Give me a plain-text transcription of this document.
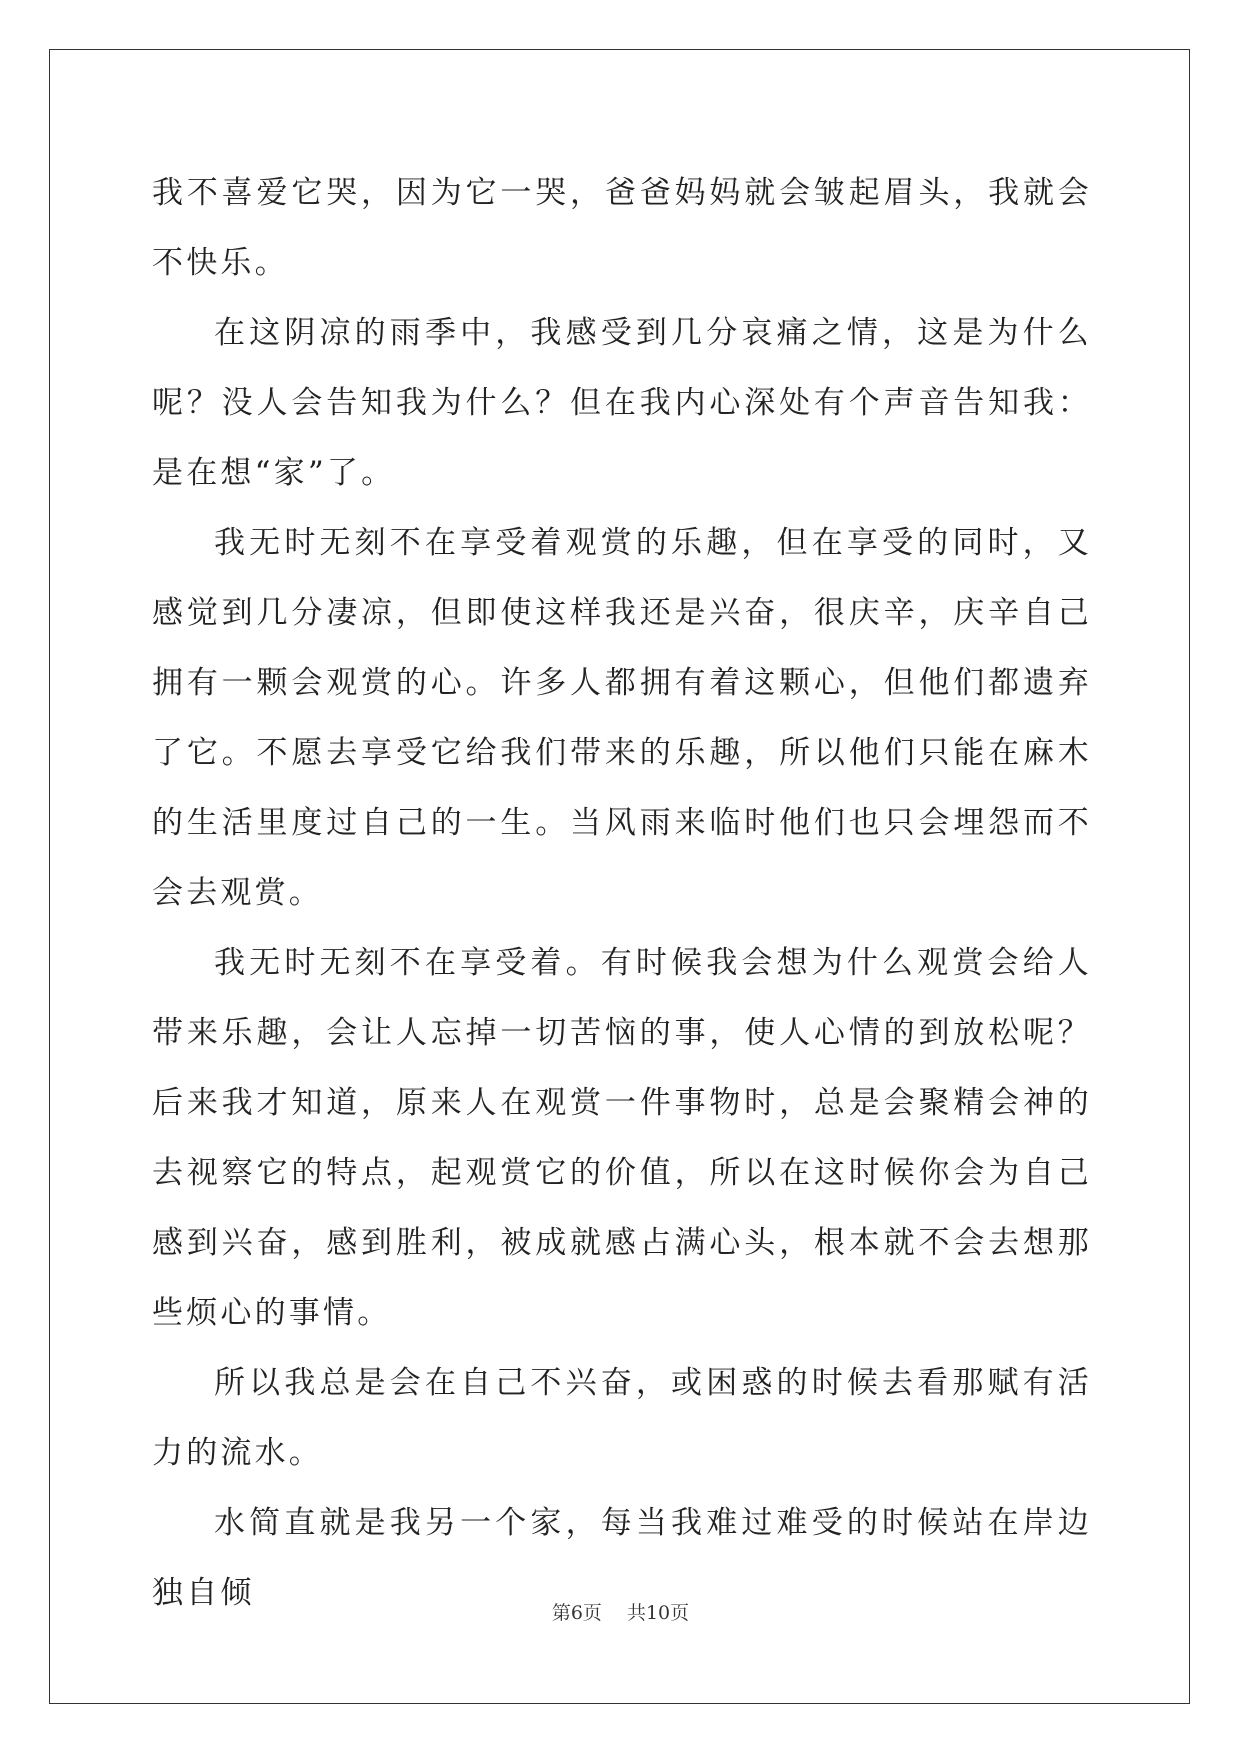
我不喜爱它哭，因为它一哭，爸爸妈妈就会皱起眉头，我就会不快乐。

在这阴凉的雨季中，我感受到几分哀痛之情，这是为什么呢？没人会告知我为什么？但在我内心深处有个声音告知我：是在想“家”了。

我无时无刻不在享受着观赏的乐趣，但在享受的同时，又感觉到几分凄凉，但即使这样我还是兴奋，很庆辛，庆辛自己拥有一颗会观赏的心。许多人都拥有着这颗心，但他们都遗弃了它。不愿去享受它给我们带来的乐趣，所以他们只能在麻木的生活里度过自己的一生。当风雨来临时他们也只会埋怨而不会去观赏。

我无时无刻不在享受着。有时候我会想为什么观赏会给人带来乐趣，会让人忘掉一切苦恼的事，使人心情的到放松呢？后来我才知道，原来人在观赏一件事物时，总是会聚精会神的去视察它的特点，起观赏它的价值，所以在这时候你会为自己感到兴奋，感到胜利，被成就感占满心头，根本就不会去想那些烦心的事情。

所以我总是会在自己不兴奋，或困惑的时候去看那赋有活力的流水。

水简直就是我另一个家，每当我难过难受的时候站在岸边独自倾

第6页　 共10页
